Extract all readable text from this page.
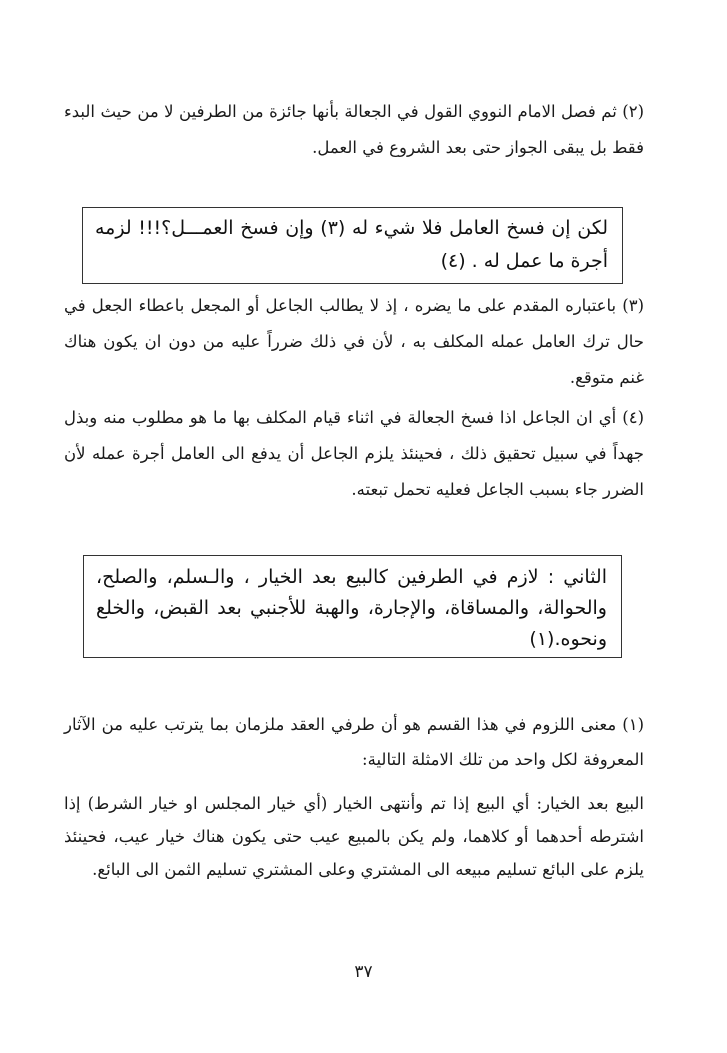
(٢) ثم فصل الامام النووي القول في الجعالة بأنها جائزة من الطرفين لا من حيث البدء فقط بل يبقى الجواز حتى بعد الشروع في العمل.

لكن إن فسخ العامل فلا شيء له (٣) وإن فسخ العمـــل؟!!! لزمه أجرة ما عمل له . (٤)

(٣) باعتباره المقدم على ما يضره ، إذ لا يطالب الجاعل أو المجعل باعطاء الجعل في حال ترك العامل عمله المكلف به ، لأن في ذلك ضرراً عليه من دون ان يكون هناك غنم متوقع.

(٤) أي ان الجاعل اذا فسخ الجعالة في اثناء قيام المكلف بها ما هو مطلوب منه وبذل جهداً في سبيل تحقيق ذلك ، فحينئذ يلزم الجاعل أن يدفع الى العامل أجرة عمله لأن الضرر جاء بسبب الجاعل فعليه تحمل تبعته.

الثاني : لازم في الطرفين كالبيع بعد الخيار ، والـسلم، والصلح، والحوالة، والمساقاة، والإجارة، والهبة للأجنبي بعد القبض، والخلع ونحوه.(١)

(١) معنى اللزوم في هذا القسم هو أن طرفي العقد ملزمان بما يترتب عليه من الآثار المعروفة لكل واحد من تلك الامثلة التالية:

البيع بعد الخيار: أي البيع إذا تم وأنتهى الخيار (أي خيار المجلس او خيار الشرط) إذا اشترطه أحدهما أو كلاهما، ولم يكن بالمبيع عيب حتى يكون هناك خيار عيب، فحينئذ يلزم على البائع تسليم مبيعه الى المشتري وعلى المشتري تسليم الثمن الى البائع.

٣٧
